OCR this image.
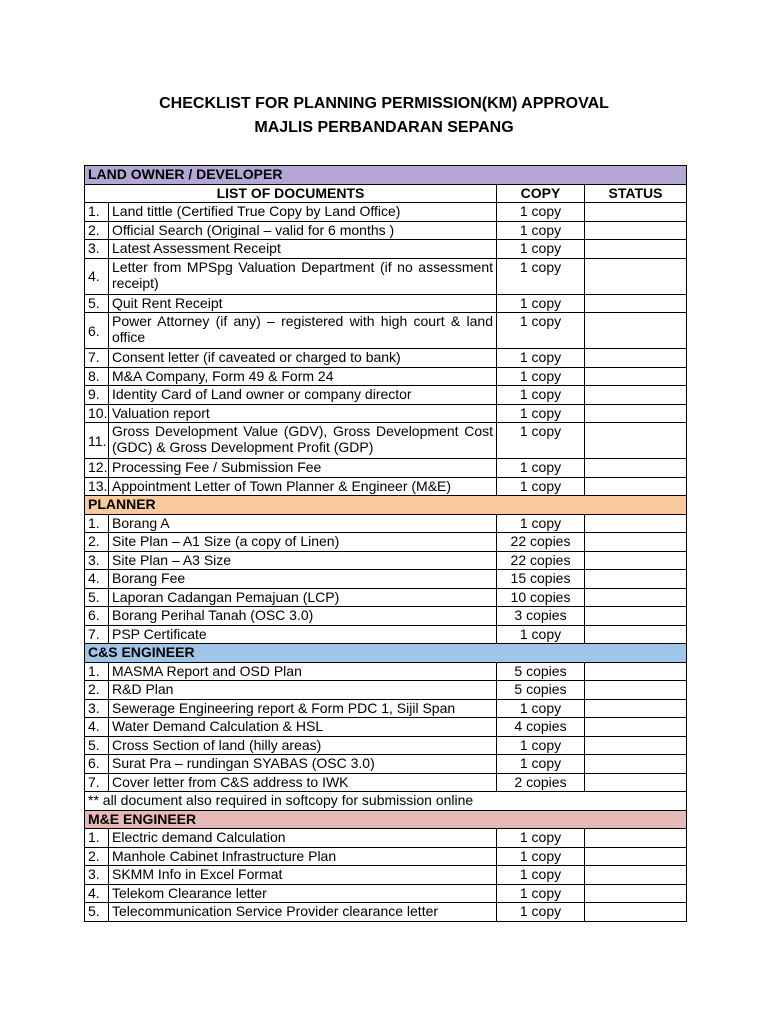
CHECKLIST FOR PLANNING PERMISSION(KM) APPROVAL
MAJLIS PERBANDARAN SEPANG
LAND OWNER / DEVELOPER			
LIST OF DOCUMENTS		COPY	STATUS
1.	Land tittle (Certified True Copy by Land Office)	1 copy	
2.	Official Search (Original – valid for 6 months )	1 copy	
3.	Latest Assessment Receipt	1 copy	
4.	Letter from MPSpg Valuation Department (if no assessment receipt)	1 copy	
5.	Quit Rent Receipt	1 copy	
6.	Power Attorney (if any) – registered with high court & land office	1 copy	
7.	Consent letter (if caveated or charged to bank)	1 copy	
8.	M&A Company, Form 49 & Form 24	1 copy	
9.	Identity Card of Land owner or company director	1 copy	
10.	Valuation report	1 copy	
11.	Gross Development Value (GDV), Gross Development Cost (GDC) & Gross Development Profit (GDP)	1 copy	
12.	Processing Fee / Submission Fee	1 copy	
13.	Appointment Letter of Town Planner & Engineer (M&E)	1 copy	
PLANNER			
1.	Borang A	1 copy	
2.	Site Plan – A1 Size (a copy of Linen)	22 copies	
3.	Site Plan – A3 Size	22 copies	
4.	Borang Fee	15 copies	
5.	Laporan Cadangan Pemajuan (LCP)	10 copies	
6.	Borang Perihal Tanah (OSC 3.0)	3 copies	
7.	PSP Certificate	1 copy	
C&S ENGINEER			
1.	MASMA Report and OSD Plan	5 copies	
2.	R&D Plan	5 copies	
3.	Sewerage Engineering report & Form PDC 1, Sijil Span	1 copy	
4.	Water Demand Calculation & HSL	4 copies	
5.	Cross Section of land (hilly areas)	1 copy	
6.	Surat Pra – rundingan SYABAS (OSC 3.0)	1 copy	
7.	Cover letter from C&S address to IWK	2 copies	
** all document also required in softcopy for submission online			
M&E ENGINEER			
1.	Electric demand Calculation	1 copy	
2.	Manhole Cabinet Infrastructure Plan	1 copy	
3.	SKMM Info in Excel Format	1 copy	
4.	Telekom Clearance letter	1 copy	
5.	Telecommunication Service Provider clearance letter	1 copy	
